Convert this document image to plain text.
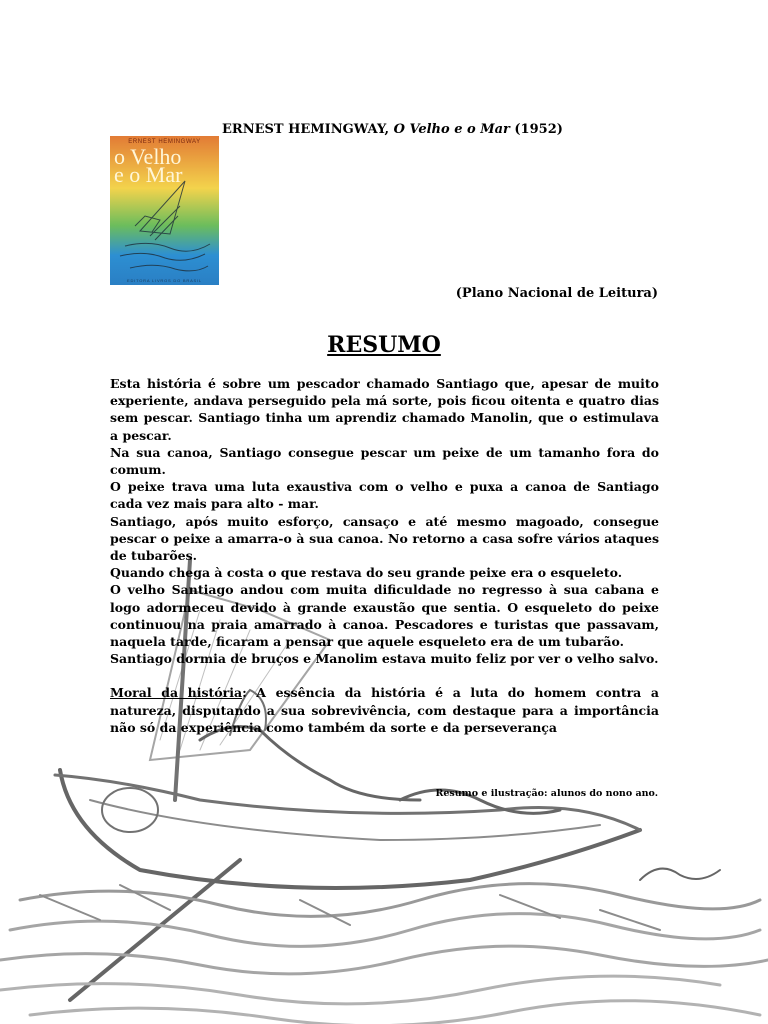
ERNEST HEMINGWAY
o Velho
e o Mar
EDITORA LIVROS DO BRASIL
ERNEST HEMINGWAY, O Velho e o Mar (1952)
(Plano Nacional de Leitura)
RESUMO

Esta história é sobre um pescador chamado Santiago que, apesar de muito experiente, andava perseguido pela má sorte, pois ficou oitenta e quatro dias sem pescar. Santiago tinha um aprendiz chamado Manolin, que o estimulava a pescar.

Na sua canoa, Santiago consegue pescar um peixe de um tamanho fora do comum.

O peixe trava uma luta exaustiva com o velho e puxa a canoa de Santiago cada vez mais para alto - mar.

Santiago, após muito esforço, cansaço e até mesmo magoado, consegue pescar o peixe a amarra-o à sua canoa. No retorno a casa sofre vários ataques de tubarões.

Quando chega à costa o que restava do seu grande peixe era o esqueleto.

O velho Santiago andou com muita dificuldade no regresso à sua cabana e logo adormeceu devido à grande exaustão que sentia. O esqueleto do peixe continuou na praia amarrado à canoa. Pescadores e turistas que passavam, naquela tarde, ficaram a pensar que aquele esqueleto era de um tubarão.

Santiago dormia de bruços e Manolim estava muito feliz por ver o velho salvo.

Moral da história: A essência da história é a luta do homem contra a natureza, disputando a sua sobrevivência, com destaque para a importância não só da experiência como também da sorte e da perseverança

Resumo e ilustração: alunos do nono ano.
